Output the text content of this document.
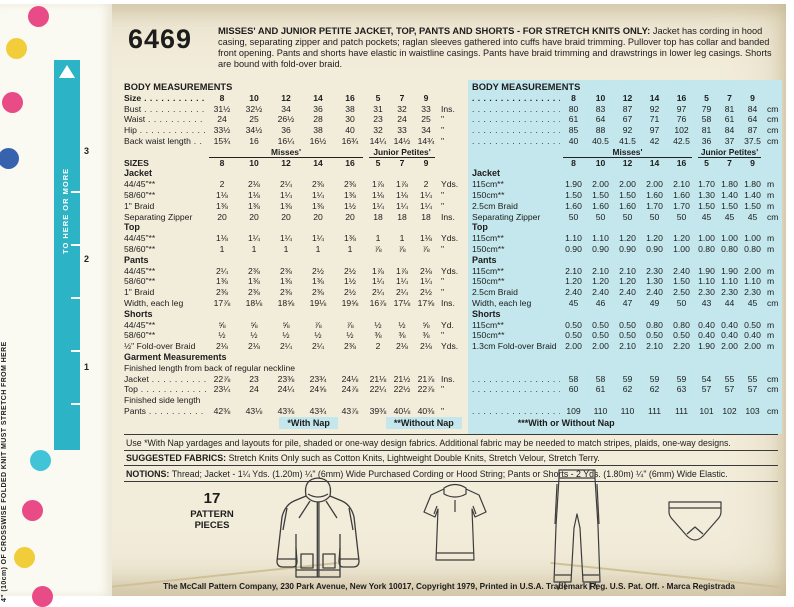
4" (10cm) OF CROSSWISE FOLDED KNIT MUST STRETCH FROM HERE
TO HERE OR MORE
3
2
1
6469	MISSES' AND JUNIOR PETITE JACKET, TOP, PANTS AND SHORTS - FOR STRETCH KNITS ONLY: Jacket has cording in hood casing, separating zipper and patch pockets; raglan sleeves gathered into cuffs have braid trimming. Pullover top has collar and banded front opening. Pants and shorts have elastic in waistline casings. Pants have braid trimming and drawstrings in lower leg casings. Shorts are bound with fold-over braid.

BODY MEASUREMENTS
Size . . .	8	10	12	14	16	5	7	9
Bust . . .	31½	32½	34	36	38	31	32	33	Ins.
Waist . . .	24	25	26½	28	30	23	24	25	"
Hip . . .	33½	34½	36	38	40	32	33	34	"
Back waist length . . .	15¾	16	16¼	16½	16¾	14¼ 14½ 14¾ "
Misses'	Junior Petites'
SIZES	8	10	12	14	16	5	7	9
Jacket
44/45"**	2	2⅛	2¼	2⅜	2⅜	1⅞	1⅞	2	Yds.
58/60"**	1⅛	1⅛	1¼	1¼	1⅜	1⅛	1⅛	1¼	"
1" Braid	1⅜	1⅜	1⅜	1⅜	1½	1¼	1¼	1¼	"
Separating Zipper	20	20	20	20	20	18	18	18	Ins.
Top
44/45"**	1⅛	1¼	1¼	1¼	1⅜	1	1	1⅛	Yds.
58/60"**	1	1	1	1	1	⅞	⅞	⅞	"
Pants
44/45"**	2¼	2⅜	2⅜	2½	2½	1⅞	1⅞	2⅛	Yds.
58/60"**	1⅜	1⅜	1⅜	1⅜	1½	1¼	1¼	1¼	"
1" Braid	2⅜	2⅜	2⅜	2⅜	2½	2¼	2¼	2½	"
Width, each leg	17⅞	18⅛	18⅝	19⅛	19⅝	16⅞ 17⅛ 17⅝ Ins.
Shorts
44/45"**	⅝	⅝	⅝	⅞	⅞	½	½	⅝	Yd.
58/60"**	½	½	½	½	½	⅜	⅜	⅜	"
½" Fold-over Braid	2⅛	2⅛	2¼	2¼	2⅜	2	2⅛	2⅛	Yds.
Garment Measurements
Finished length from back of regular neckline
Jacket . . .	22⅞	23	23⅜	23¾	24⅛	21⅛ 21½ 21⅞ Ins.
Top . . .	23¼	24	24¼	24⅝	24⅞	22¼ 22½ 22⅞ "
Finished side length
Pants . . .	42⅜	43⅛	43⅜	43¾	43⅞	39⅜ 40⅛ 40⅜ "
BODY MEASUREMENTS
. . .
8	10	12	14	16	5	7	9
. . .
80	83	87	92	97	79	81	84	cm
. . .
61	64	67	71	76	58	61	64	cm
. . .
85	88	92	97	102	81	84	87	cm
. . .
40	40.5	41.5	42	42.5	36	37	37.5 cm
Misses'	Junior Petites'
8	10	12	14	16	5	7	9
Jacket
115cm**	1.90	2.00	2.00	2.00	2.10 1.70 1.80 1.80 m
150cm**	1.50	1.50	1.50	1.60	1.60 1.30 1.40 1.40 m
2.5cm Braid	1.60	1.60	1.60	1.70	1.70 1.50 1.50 1.50 m
Separating Zipper	50	50	50	50	50	45	45	45	cm
Top
115cm**	1.10	1.10	1.20	1.20	1.20 1.00 1.00 1.00 m
150cm**	0.90	0.90	0.90	0.90	1.00 0.80 0.80 0.80 m
Pants
115cm**	2.10	2.10	2.10	2.30	2.40 1.90 1.90 2.00 m
150cm**	1.20	1.20	1.20	1.30	1.50 1.10 1.10 1.10 m
2.5cm Braid	2.40	2.40	2.40	2.40	2.50 2.30 2.30 2.30 m
Width, each leg	45	46	47	49	50	43	44	45	cm
Shorts
115cm**	0.50	0.50	0.50	0.80	0.80 0.40 0.40 0.50 m
150cm**	0.50	0.50	0.50	0.50	0.50 0.40 0.40 0.40 m
1.3cm Fold-over Braid 2.00	2.00	2.10	2.10	2.20 1.90 2.00 2.00 m
. . .
58	58	59	59	59	54	55	55	cm
. . .
60	61	62	62	63	57	57	57	cm
. . .
109	110	110	111	111	101	102	103 cm
*With Nap	**Without Nap	***With or Without Nap
Use *With Nap yardages and layouts for pile, shaded or one-way design fabrics. Additional fabric may be needed to match stripes, plaids, one-way designs.
SUGGESTED FABRICS: Stretch Knits Only such as Cotton Knits, Lightweight Double Knits, Stretch Velour, Stretch Terry.
NOTIONS: Thread; Jacket - 1¼ Yds. (1.20m) ¼" (6mm) Wide Purchased Cording or Hood String; Pants or Shorts - 2 Yds. (1.80m) ¼" (6mm) Wide Elastic.
17
PATTERN PIECES
The McCall Pattern Company, 230 Park Avenue, New York 10017, Copyright 1979, Printed in U.S.A. Trademark Reg. U.S. Pat. Off. - Marca Registrada
